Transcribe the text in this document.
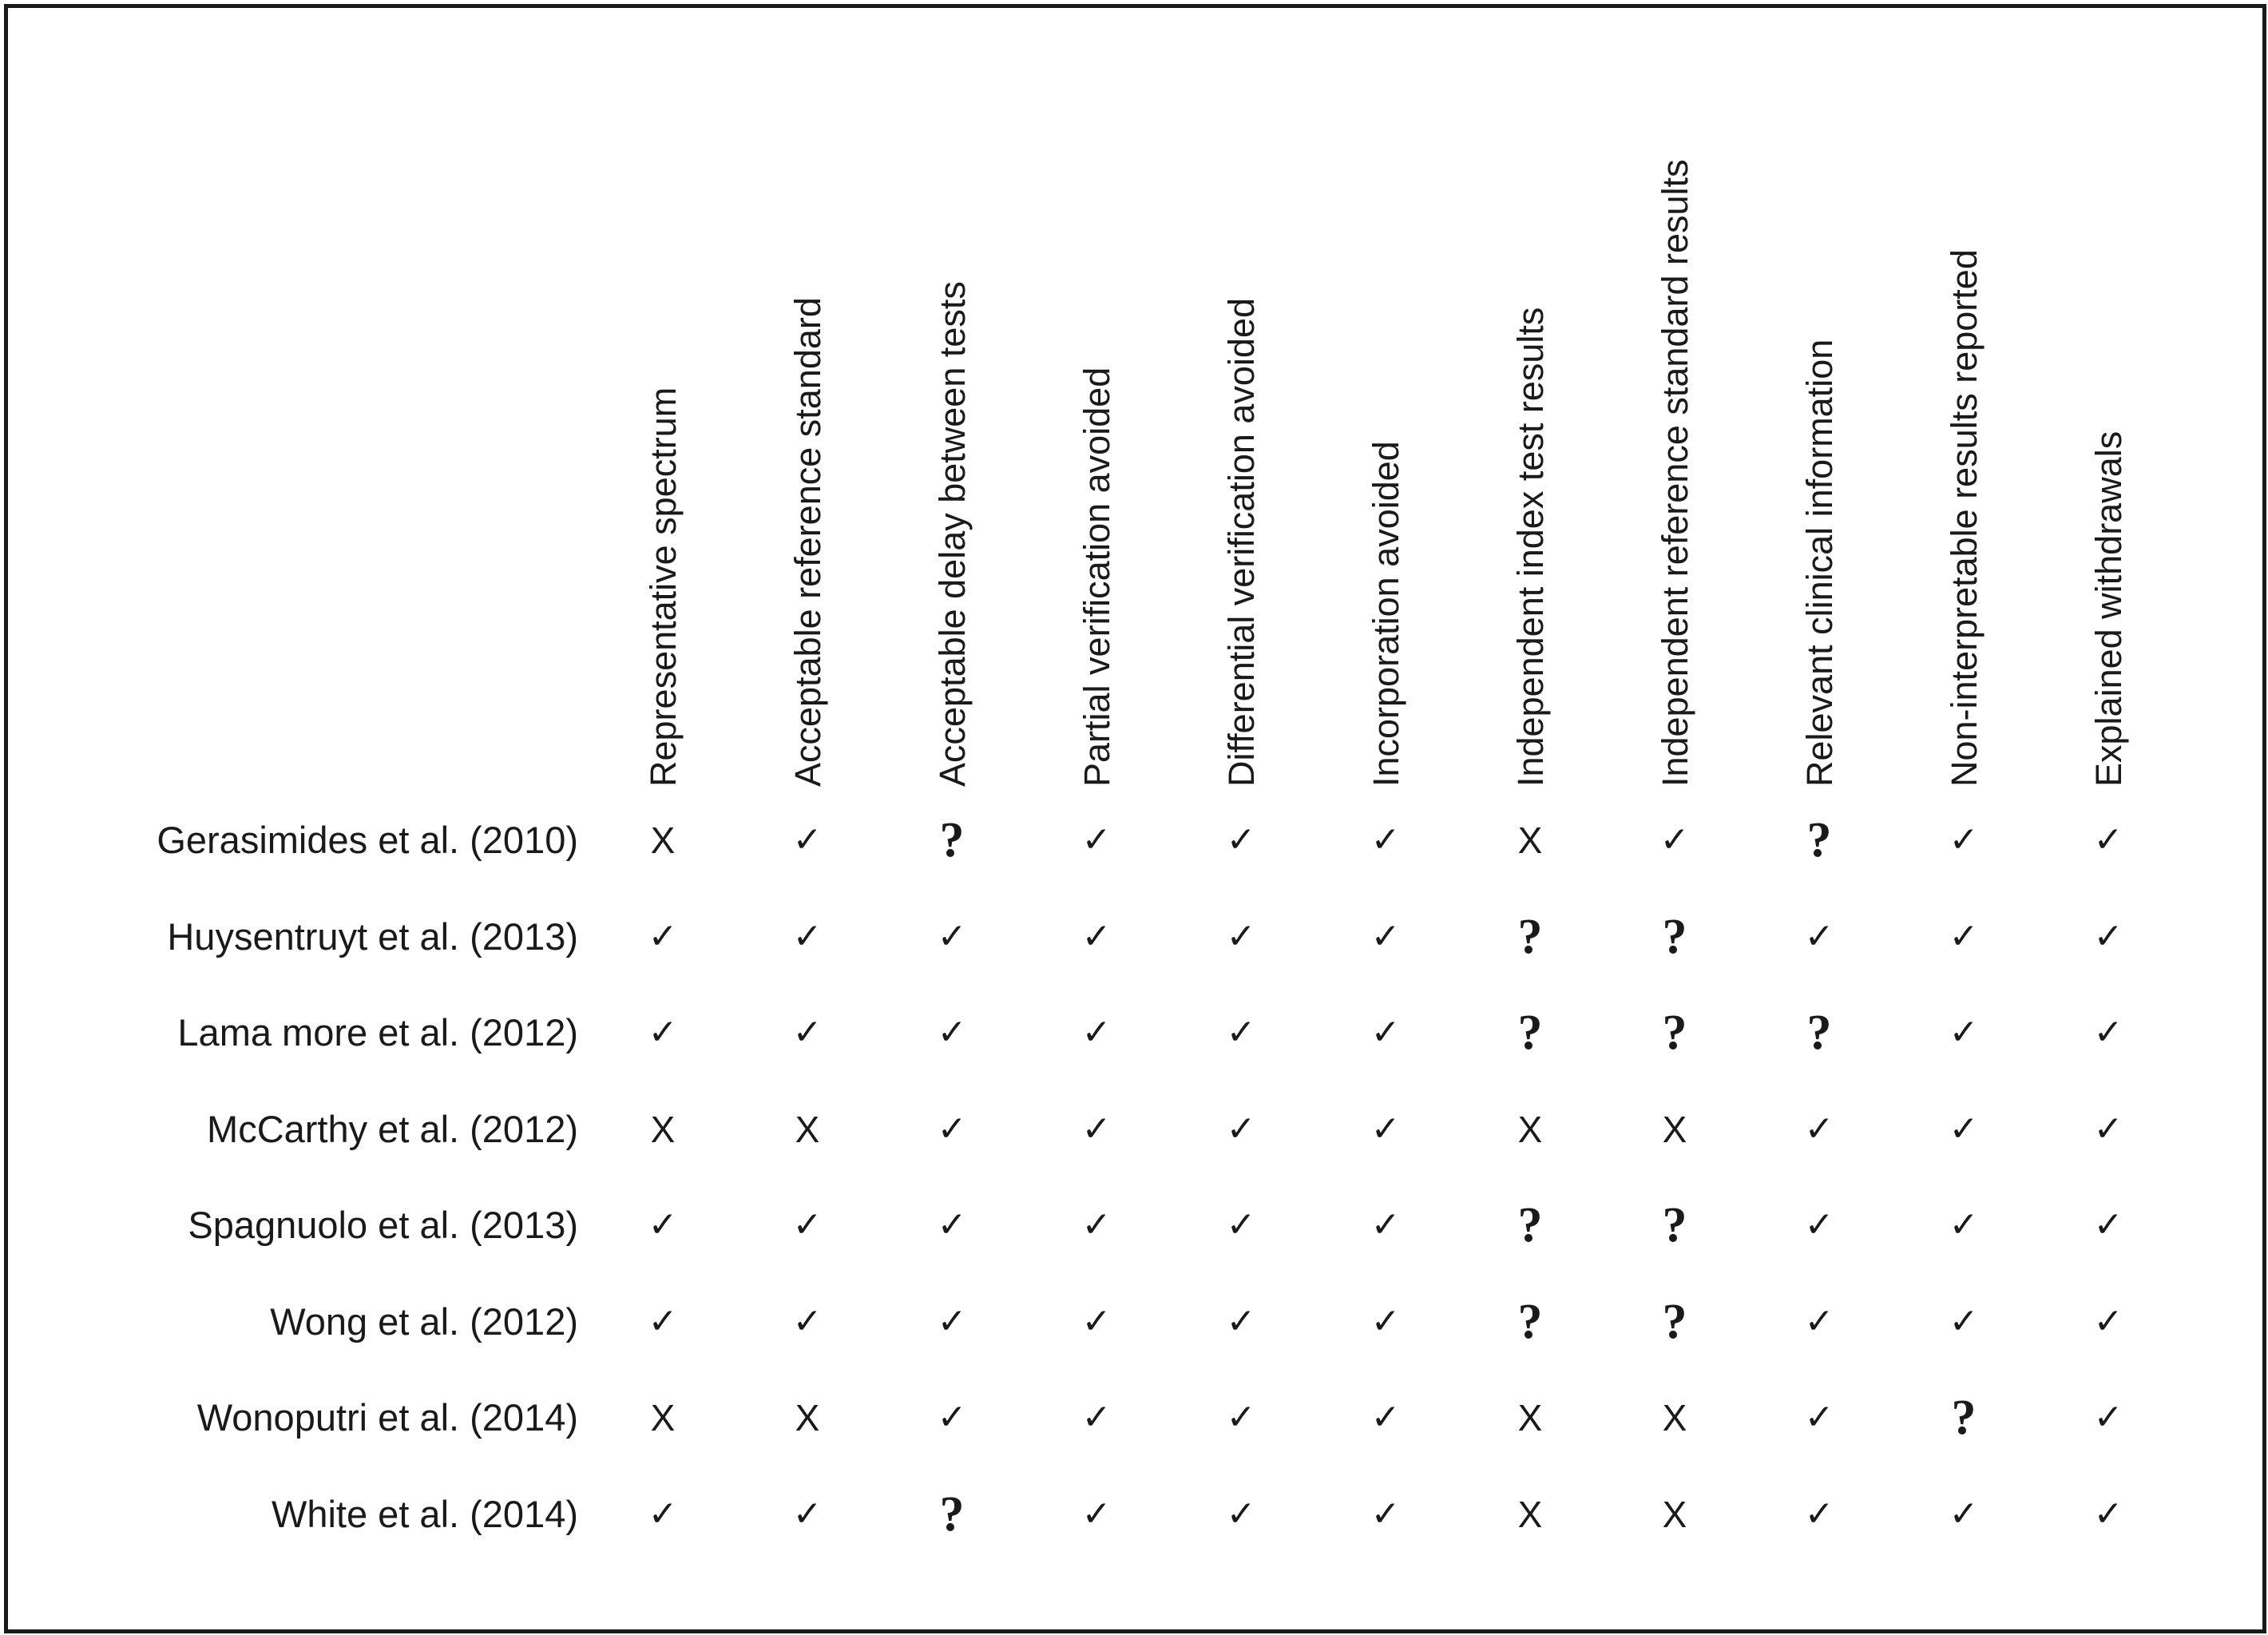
Representative spectrum	Acceptable reference standard	Acceptable delay between tests	Partial verification avoided	Differential verification avoided	Incorporation avoided	Independent index test results	Independent reference standard results	Relevant clinical information	Non-interpretable results reported	Explained withdrawals
Gerasimides et al. (2010)	X	✓	?	✓	✓	✓	X	✓	?	✓	✓
Huysentruyt et al. (2013)	✓	✓	✓	✓	✓	✓	?	?	✓	✓	✓
Lama more et al. (2012)	✓	✓	✓	✓	✓	✓	?	?	?	✓	✓
McCarthy et al. (2012)	X	X	✓	✓	✓	✓	X	X	✓	✓	✓
Spagnuolo et al. (2013)	✓	✓	✓	✓	✓	✓	?	?	✓	✓	✓
Wong et al. (2012)	✓	✓	✓	✓	✓	✓	?	?	✓	✓	✓
Wonoputri et al. (2014)	X	X	✓	✓	✓	✓	X	X	✓	?	✓
White et al. (2014)	✓	✓	?	✓	✓	✓	X	X	✓	✓	✓
